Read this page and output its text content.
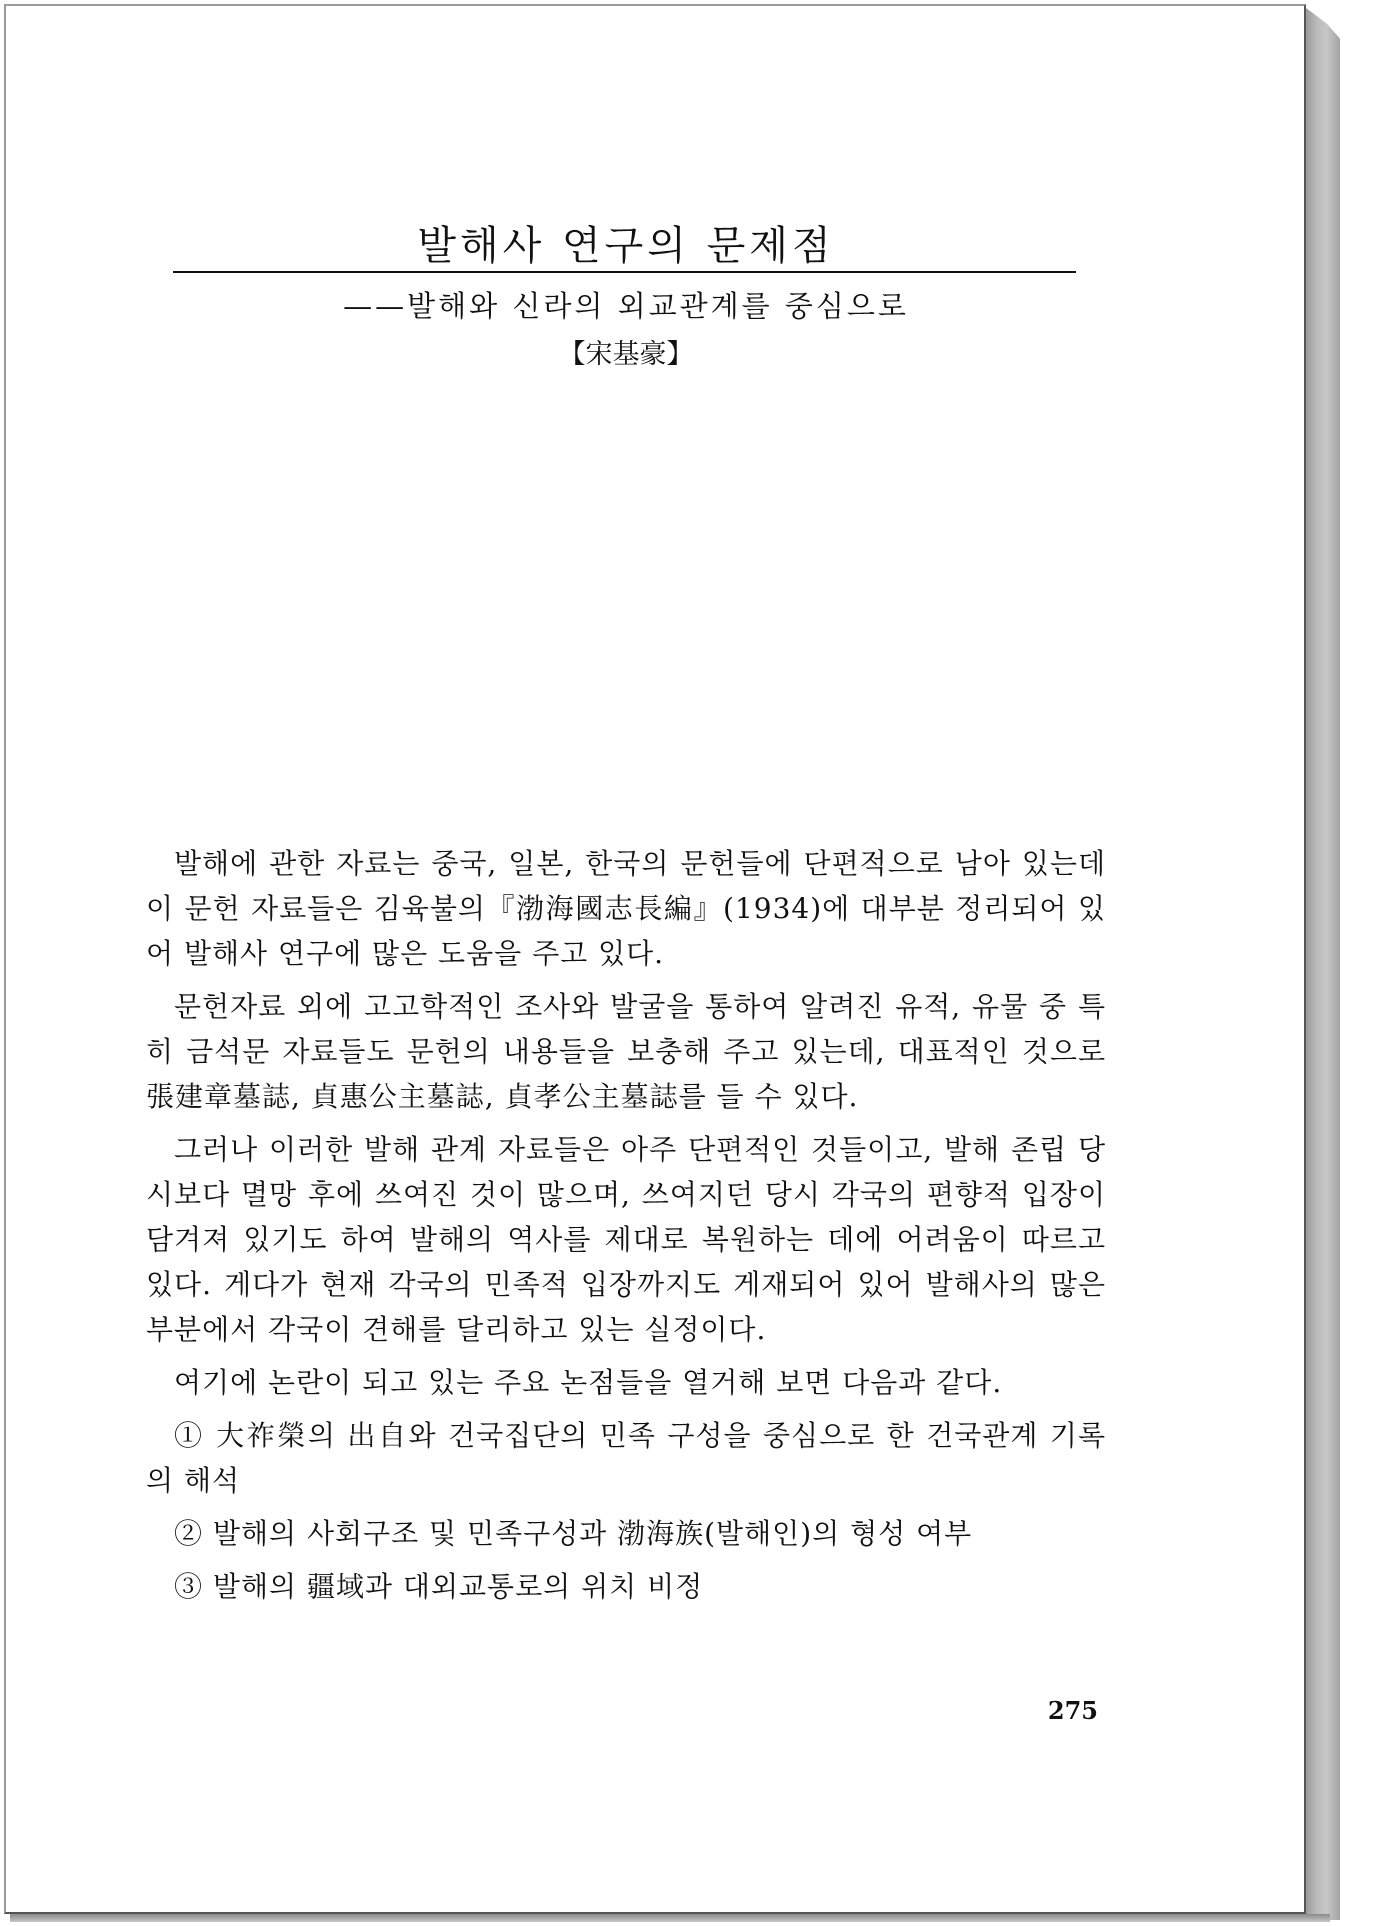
발해사 연구의 문제점
——발해와 신라의 외교관계를 중심으로
【宋基豪】

발해에 관한 자료는 중국, 일본, 한국의 문헌들에 단편적으로 남아 있는데 이 문헌 자료들은 김육불의『渤海國志長編』(1934)에 대부분 정리되어 있어 발해사 연구에 많은 도움을 주고 있다.

문헌자료 외에 고고학적인 조사와 발굴을 통하여 알려진 유적, 유물 중 특히 금석문 자료들도 문헌의 내용들을 보충해 주고 있는데, 대표적인 것으로 張建章墓誌, 貞惠公主墓誌, 貞孝公主墓誌를 들 수 있다.

그러나 이러한 발해 관계 자료들은 아주 단편적인 것들이고, 발해 존립 당시보다 멸망 후에 쓰여진 것이 많으며, 쓰여지던 당시 각국의 편향적 입장이 담겨져 있기도 하여 발해의 역사를 제대로 복원하는 데에 어려움이 따르고 있다. 게다가 현재 각국의 민족적 입장까지도 게재되어 있어 발해사의 많은 부분에서 각국이 견해를 달리하고 있는 실정이다.

여기에 논란이 되고 있는 주요 논점들을 열거해 보면 다음과 같다.

① 大祚榮의 出自와 건국집단의 민족 구성을 중심으로 한 건국관계 기록의 해석
② 발해의 사회구조 및 민족구성과 渤海族(발해인)의 형성 여부
③ 발해의 疆域과 대외교통로의 위치 비정
275
